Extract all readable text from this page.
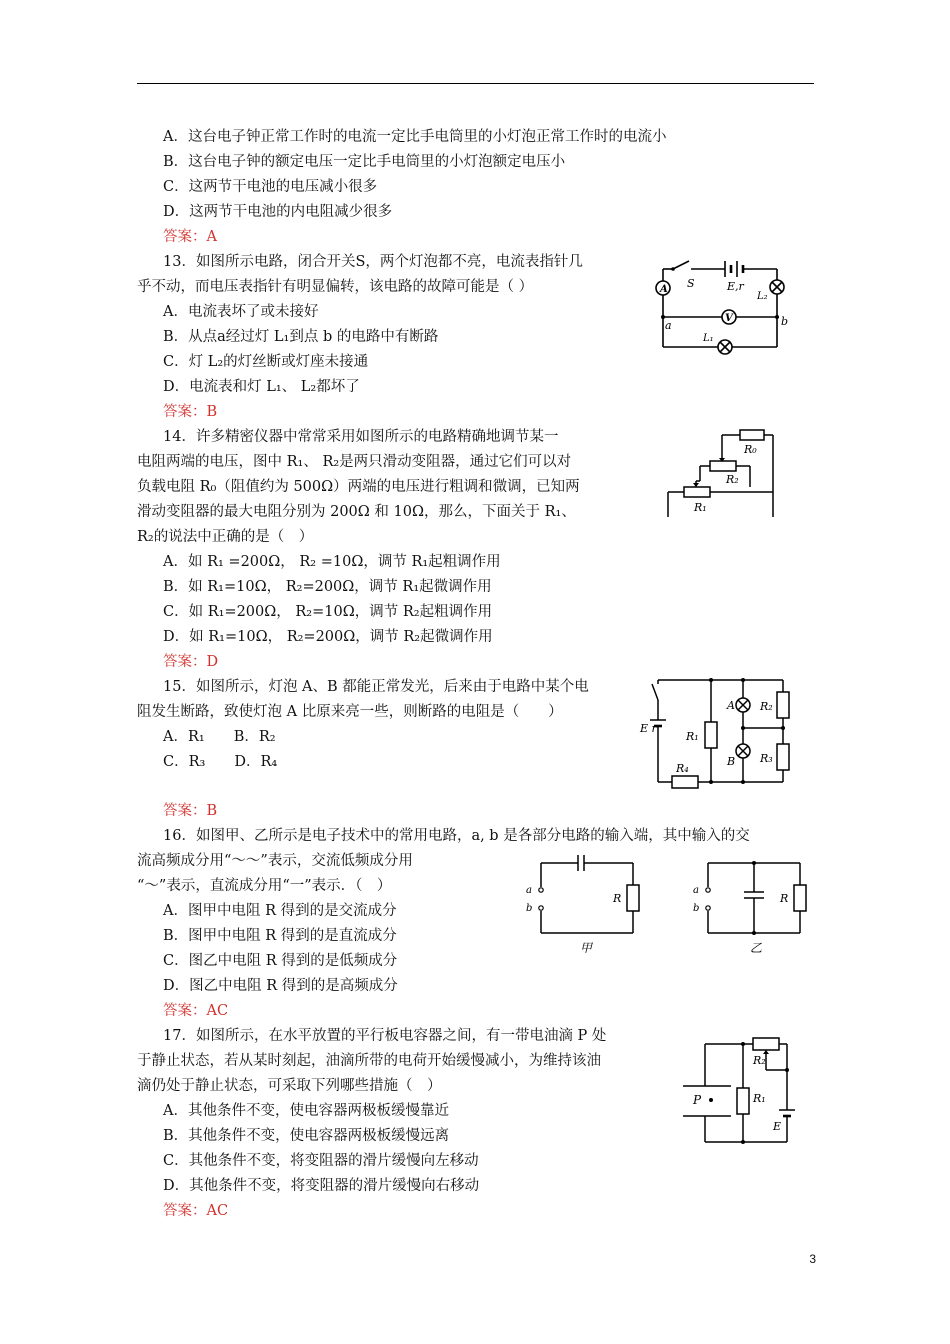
A．这台电子钟正常工作时的电流一定比手电筒里的小灯泡正常工作时的电流小
B．这台电子钟的额定电压一定比手电筒里的小灯泡额定电压小
C．这两节干电池的电压减小很多
D．这两节干电池的内电阻减少很多
答案：A
13．如图所示电路，闭合开关S，两个灯泡都不亮，电流表指针几
乎不动，而电压表指针有明显偏转，该电路的故障可能是（ ）
A．电流表坏了或未接好
B．从点a经过灯 L₁到点 b 的电路中有断路
C．灯 L₂的灯丝断或灯座未接通
D．电流表和灯 L₁、 L₂都坏了
答案：B
A
V
S	E,r
L₂
a	b
L₁
14．许多精密仪器中常常采用如图所示的电路精确地调节某一
电阻两端的电压，图中 R₁、 R₂是两只滑动变阻器，通过它们可以对
负载电阻 R₀（阻值约为 500Ω）两端的电压进行粗调和微调，已知两
滑动变阻器的最大电阻分别为 200Ω 和 10Ω，那么，下面关于 R₁、
R₂的说法中正确的是（　）
A．如 R₁ =200Ω， R₂ =10Ω，调节 R₁起粗调作用
B．如 R₁=10Ω， R₂=200Ω，调节 R₁起微调作用
C．如 R₁=200Ω， R₂=10Ω，调节 R₂起粗调作用
D．如 R₁=10Ω， R₂=200Ω，调节 R₂起微调作用
答案：D
R₀
R₂
R₁
15．如图所示，灯泡 A、B 都能正常发光，后来由于电路中某个电
阻发生断路，致使灯泡 A 比原来亮一些，则断路的电阻是（　　）
A．R₁　　B．R₂
C．R₃　　D．R₄
答案：B
E r
R₁
A
B
R₂
R₃
R₄
16．如图甲、乙所示是电子技术中的常用电路，a, b 是各部分电路的输入端，其中输入的交
流高频成分用“～～”表示，交流低频成分用
“～”表示，直流成分用“一”表示．（　）
A．图甲中电阻 R 得到的是交流成分
B．图甲中电阻 R 得到的是直流成分
C．图乙中电阻 R 得到的是低频成分
D．图乙中电阻 R 得到的是高频成分
答案：AC
a
b
R
甲
a
b
R
乙
17．如图所示，在水平放置的平行板电容器之间，有一带电油滴 P 处
于静止状态，若从某时刻起，油滴所带的电荷开始缓慢减小，为维持该油
滴仍处于静止状态，可采取下列哪些措施（　）
A．其他条件不变，使电容器两极板缓慢靠近
B．其他条件不变，使电容器两极板缓慢远离
C．其他条件不变，将变阻器的滑片缓慢向左移动
D．其他条件不变，将变阻器的滑片缓慢向右移动
答案：AC
P
R₂
R₁
E
3
